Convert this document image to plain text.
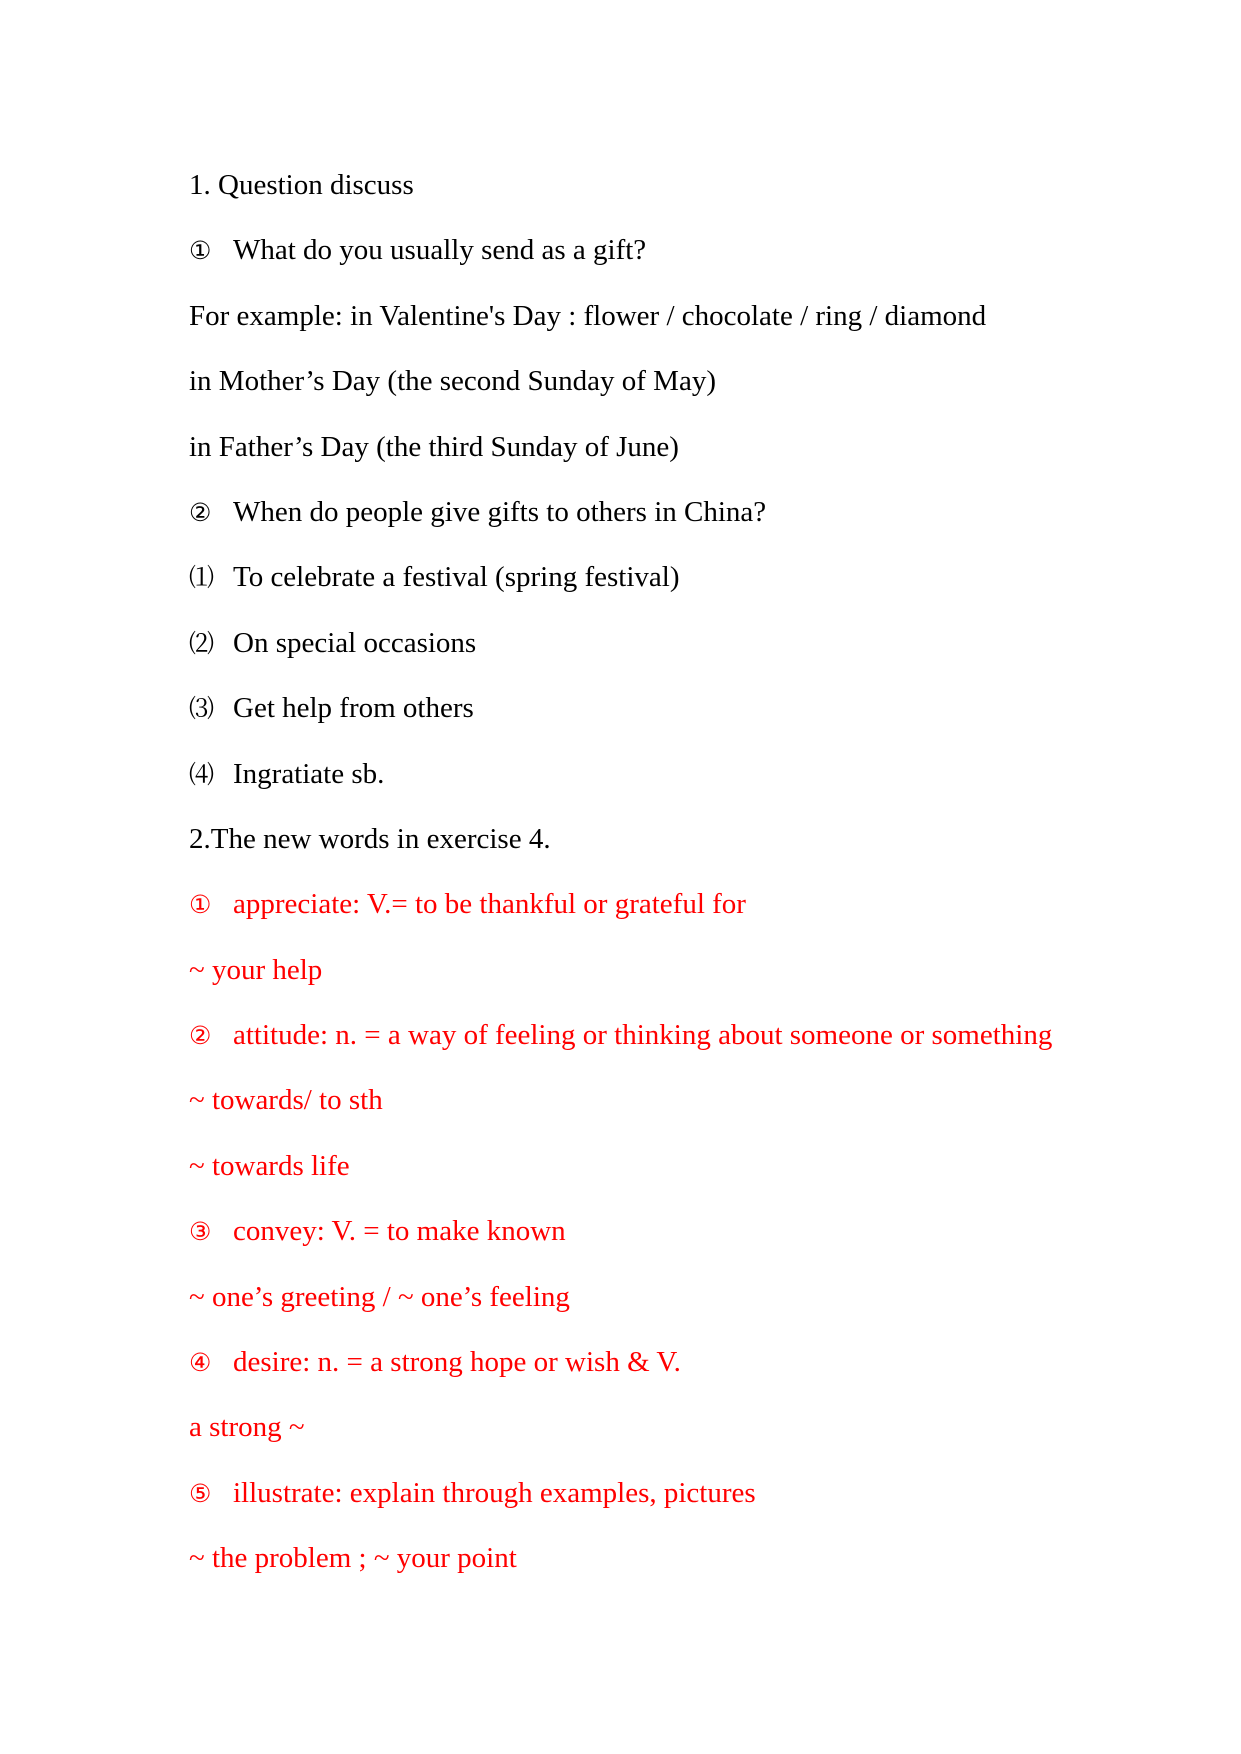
1. Question discuss
① What do you usually send as a gift?
For example: in Valentine's Day : flower / chocolate / ring / diamond
in Mother’s Day (the second Sunday of May)
in Father’s Day (the third Sunday of June)
② When do people give gifts to others in China?
⑴ To celebrate a festival (spring festival)
⑵ On special occasions
⑶ Get help from others
⑷ Ingratiate sb.
2.The new words in exercise 4.
① appreciate: V.= to be thankful or grateful for
~ your help
② attitude: n. = a way of feeling or thinking about someone or something
~ towards/ to sth
~ towards life
③ convey: V. = to make known
~ one’s greeting / ~ one’s feeling
④ desire: n. = a strong hope or wish & V.
a strong ~
⑤ illustrate: explain through examples, pictures
~ the problem ; ~ your point
